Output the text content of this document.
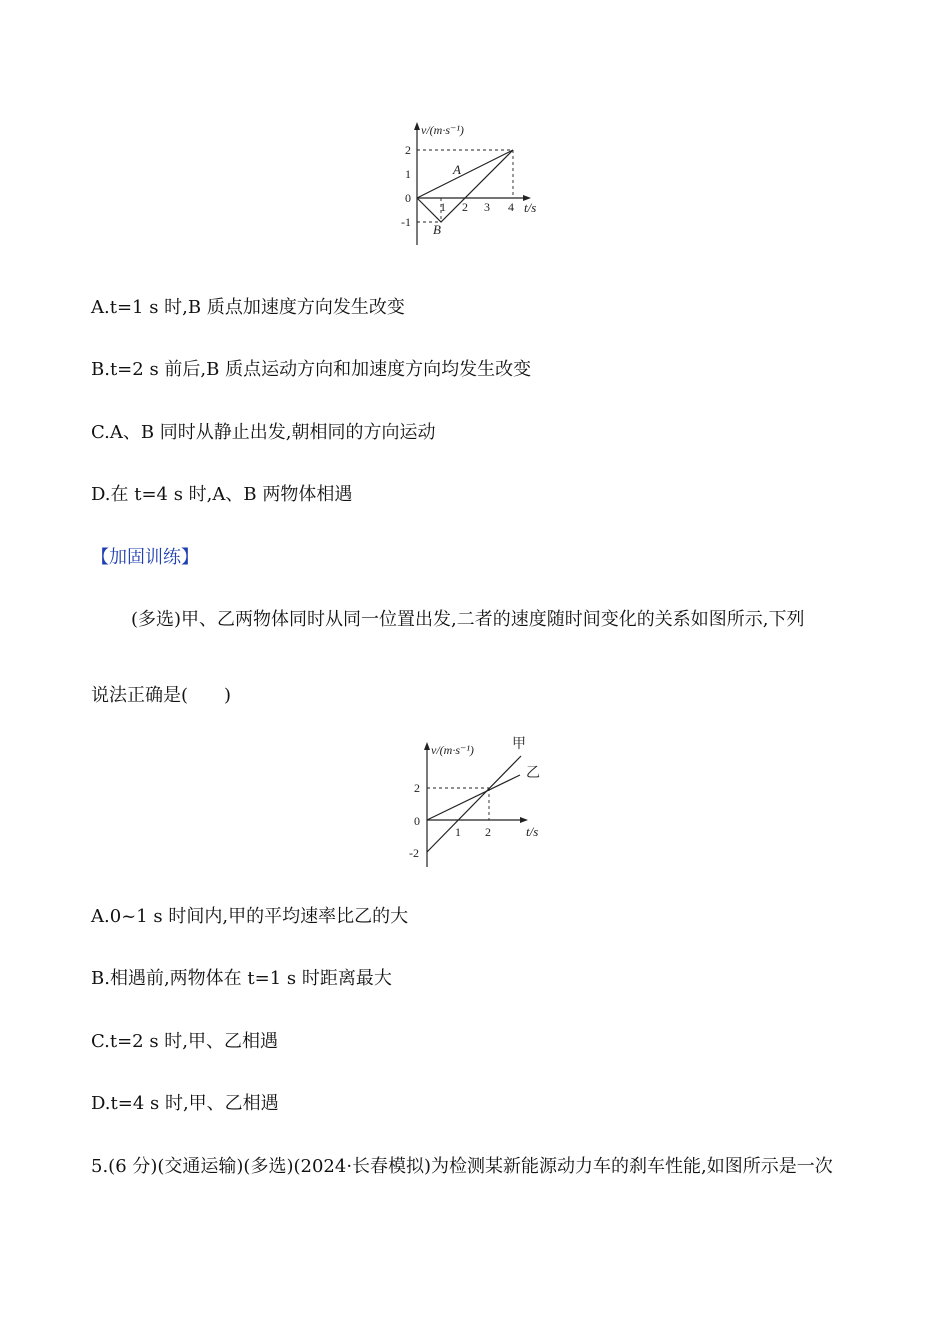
v/(m·s⁻¹)
t/s
2
1
0
-1
1 2 3 4
A
B
A.t=1 s 时,B 质点加速度方向发生改变
B.t=2 s 前后,B 质点运动方向和加速度方向均发生改变
C.A、B 同时从静止出发,朝相同的方向运动
D.在 t=4 s 时,A、B 两物体相遇
【加固训练】
(多选)甲、乙两物体同时从同一位置出发,二者的速度随时间变化的关系如图所示,下列
说法正确是(　　)
v/(m·s⁻¹)
t/s
甲
乙
2
0
-2
1 2
A.0~1 s 时间内,甲的平均速率比乙的大
B.相遇前,两物体在 t=1 s 时距离最大
C.t=2 s 时,甲、乙相遇
D.t=4 s 时,甲、乙相遇
5.(6 分)(交通运输)(多选)(2024·长春模拟)为检测某新能源动力车的刹车性能,如图所示是一次
